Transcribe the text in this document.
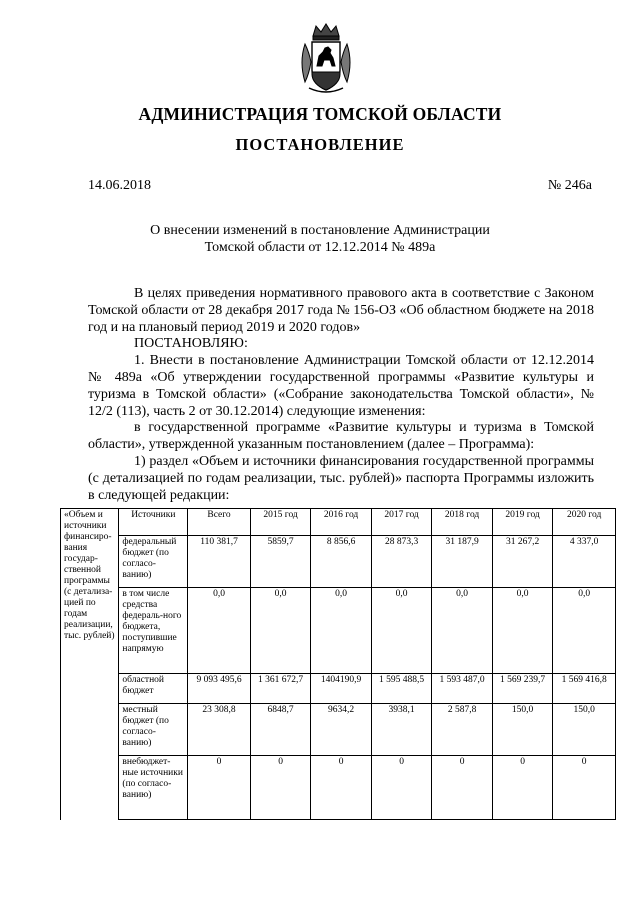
АДМИНИСТРАЦИЯ ТОМСКОЙ ОБЛАСТИ
ПОСТАНОВЛЕНИЕ
14.06.2018	№ 246а
О внесении изменений в постановление Администрации
Томской области от 12.12.2014 № 489а

В целях приведения нормативного правового акта в соответствие с Законом Томской области от 28 декабря 2017 года № 156-ОЗ «Об областном бюджете на 2018 год и на плановый период 2019 и 2020 годов»

ПОСТАНОВЛЯЮ:

1. Внести в постановление Администрации Томской области от 12.12.2014 № 489а «Об утверждении государственной программы «Развитие культуры и туризма в Томской области» («Собрание законодательства Томской области», № 12/2 (113), часть 2 от 30.12.2014) следующие изменения:

в государственной программе «Развитие культуры и туризма в Томской области», утвержденной указанным постановлением (далее – Программа):

1) раздел «Объем и источники финансирования государственной программы (с детализацией по годам реализации, тыс. рублей)» паспорта Программы изложить в следующей редакции:

«Объем и источники финансиро-вания государ-ственной программы (с детализа-цией по годам реализации, тыс. рублей)	Источники	Всего	2015 год	2016 год	2017 год	2018 год	2019 год	2020 год
	федеральный бюджет (по согласо-ванию)	110 381,7	5859,7	8 856,6	28 873,3	31 187,9	31 267,2	4 337,0
	в том числе средства федераль-ного бюджета, поступившие напрямую	0,0	0,0	0,0	0,0	0,0	0,0	0,0
	областной бюджет	9 093 495,6	1 361 672,7	1404190,9	1 595 488,5	1 593 487,0	1 569 239,7	1 569 416,8
	местный бюджет (по согласо-ванию)	23 308,8	6848,7	9634,2	3938,1	2 587,8	150,0	150,0
	внебюджет-ные источники (по согласо-ванию)	0	0	0	0	0	0	0
